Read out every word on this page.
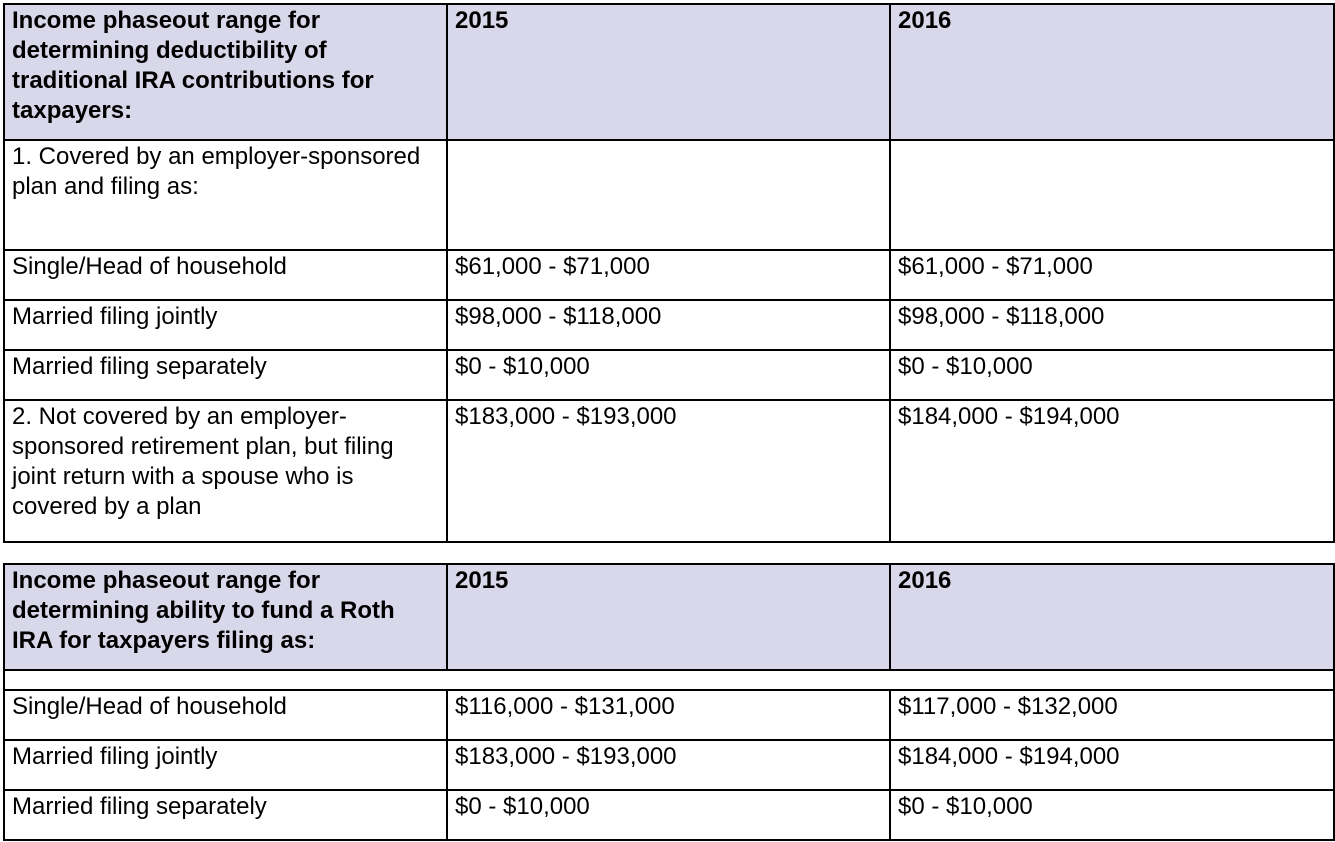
Income phaseout range for determining deductibility of traditional IRA contributions for taxpayers:	2015	2016
1. Covered by an employer-sponsored plan and filing as:		
Single/Head of household	$61,000 - $71,000	$61,000 - $71,000
Married filing jointly	$98,000 - $118,000	$98,000 - $118,000
Married filing separately	$0 - $10,000	$0 - $10,000
2. Not covered by an employer-sponsored retirement plan, but filing joint return with a spouse who is covered by a plan	$183,000 - $193,000	$184,000 - $194,000
Income phaseout range for determining ability to fund a Roth IRA for taxpayers filing as:	2015	2016

Single/Head of household	$116,000 - $131,000	$117,000 - $132,000
Married filing jointly	$183,000 - $193,000	$184,000 - $194,000
Married filing separately	$0 - $10,000	$0 - $10,000
